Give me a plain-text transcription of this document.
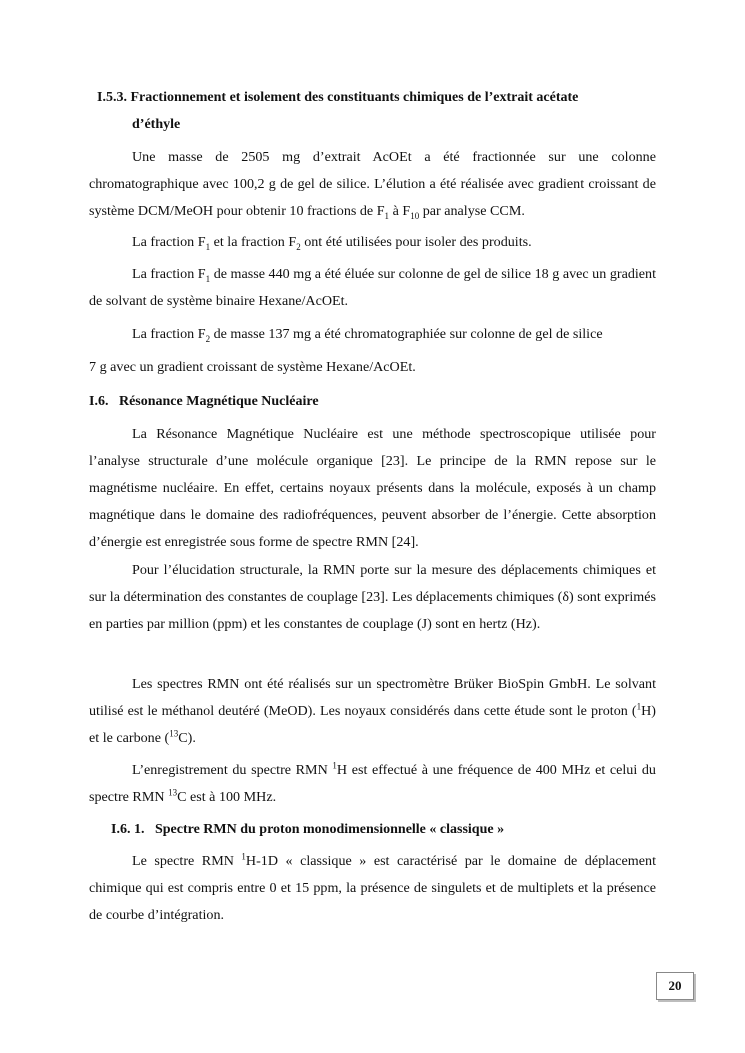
I.5.3. Fractionnement et isolement des constituants chimiques de l’extrait acétate
d’éthyle

Une masse de 2505 mg d’extrait AcOEt a été fractionnée sur une colonne chromatographique avec 100,2 g de gel de silice. L’élution a été réalisée avec gradient croissant de système DCM/MeOH pour obtenir 10 fractions de $F_1$ à $F_{10}$ par analyse CCM.

La fraction $F_1$ et la fraction $F_2$ ont été utilisées pour isoler des produits.

La fraction $F_1$ de masse 440 mg a été éluée sur colonne de gel de silice 18 g avec un gradient de solvant de système binaire Hexane/AcOEt.

La fraction $F_2$ de masse 137 mg a été chromatographiée sur colonne de gel de silice

7 g avec un gradient croissant de système Hexane/AcOEt.

I.6. Résonance Magnétique Nucléaire

La Résonance Magnétique Nucléaire est une méthode spectroscopique utilisée pour l’analyse structurale d’une molécule organique [23]. Le principe de la RMN repose sur le magnétisme nucléaire. En effet, certains noyaux présents dans la molécule, exposés à un champ magnétique dans le domaine des radiofréquences, peuvent absorber de l’énergie. Cette absorption d’énergie est enregistrée sous forme de spectre RMN [24].

Pour l’élucidation structurale, la RMN porte sur la mesure des déplacements chimiques et sur la détermination des constantes de couplage [23]. Les déplacements chimiques (δ) sont exprimés en parties par million (ppm) et les constantes de couplage (J) sont en hertz (Hz).

Les spectres RMN ont été réalisés sur un spectromètre Brüker BioSpin GmbH. Le solvant utilisé est le méthanol deutéré (MeOD). Les noyaux considérés dans cette étude sont le proton ($^1$H) et le carbone ($^{13}$C).

L’enregistrement du spectre RMN $^1$H est effectué à une fréquence de 400 MHz et celui du spectre RMN $^{13}$C est à 100 MHz.

I.6. 1. Spectre RMN du proton monodimensionnelle « classique »

Le spectre RMN $^1$H-1D « classique » est caractérisé par le domaine de déplacement chimique qui est compris entre 0 et 15 ppm, la présence de singulets et de multiplets et la présence de courbe d’intégration.

20
